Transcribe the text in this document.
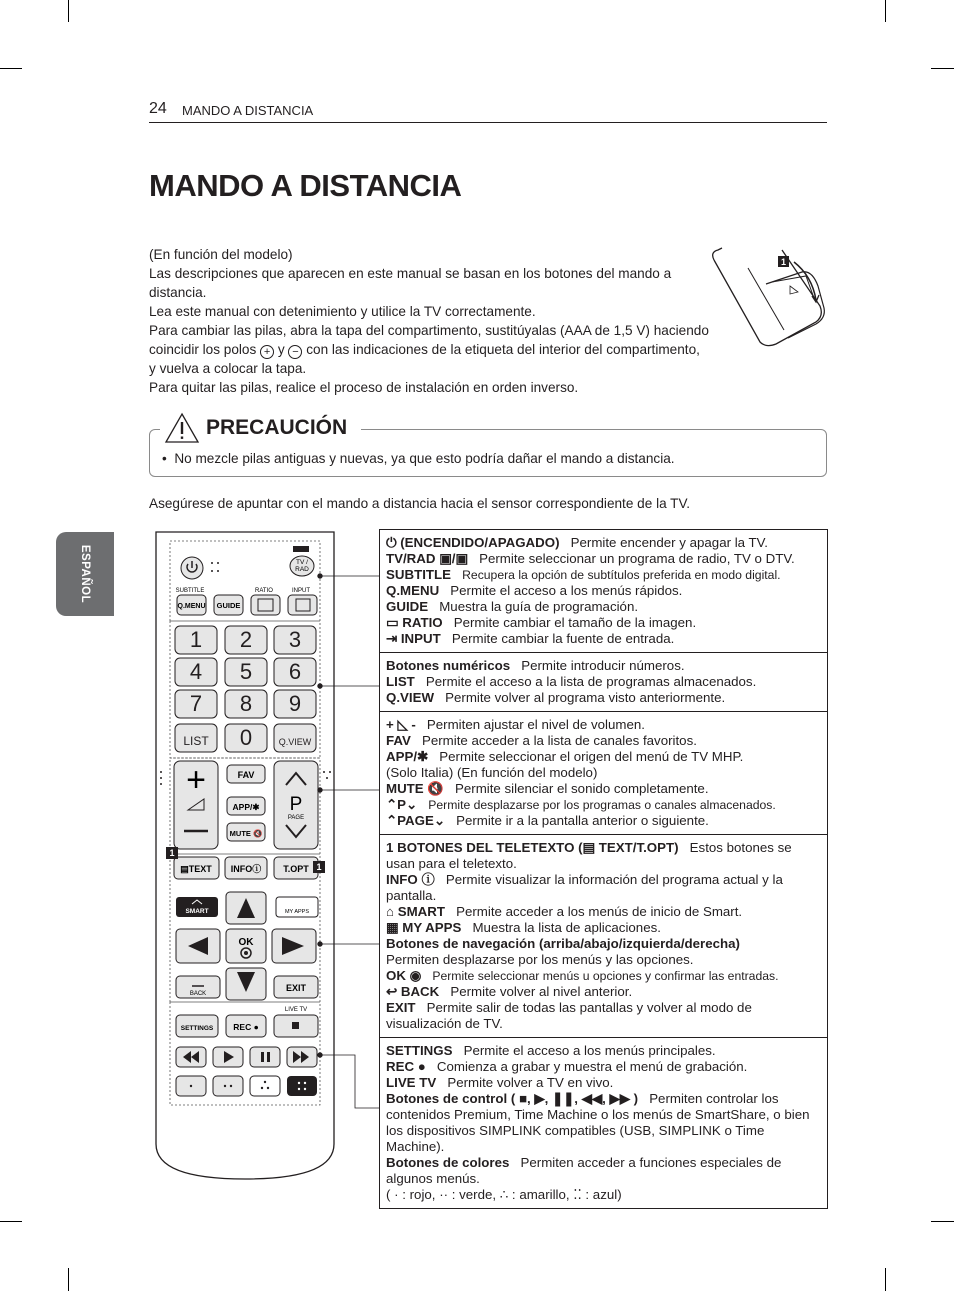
24 MANDO A DISTANCIA
MANDO A DISTANCIA

(En función del modelo)

Las descripciones que aparecen en este manual se basan en los botones del mando a distancia.

Lea este manual con detenimiento y utilice la TV correctamente.

Para cambiar las pilas, abra la tapa del compartimento, sustitúyalas (AAA de 1,5 V) haciendo coincidir los polos + y − con las indicaciones de la etiqueta del interior del compartimento, y vuelva a colocar la tapa.

Para quitar las pilas, realice el proceso de instalación en orden inverso.

1
PRECAUCIÓN
•  No mezcle pilas antiguas y nuevas, ya que esto podría dañar el mando a distancia.
Asegúrese de apuntar con el mando a distancia hacia el sensor correspondiente de la TV.
ESPAÑOL	TV /
RAD
SUBTITLE	RATIO	INPUT
Q.MENU GUIDE
1 2 3
4 5 6
7 8 9
LIST 0	Q.VIEW
+	FAV
APP/✱
MUTE 🔇
P
PAGE
▤TEXT INFOⓘ T.OPT
1
1
SMART	MY APPS
OK
BACK
EXIT
LIVE TV
SETTINGS REC ●
⏻ (ENCENDIDO/APAGADO) Permite encender y apagar la TV.
TV/RAD ▣/▣ Permite seleccionar un programa de radio, TV o DTV.
SUBTITLE Recupera la opción de subtítulos preferida en modo digital.
Q.MENU Permite el acceso a los menús rápidos.
GUIDE Muestra la guía de programación.
▭ RATIO Permite cambiar el tamaño de la imagen.
⇥ INPUT Permite cambiar la fuente de entrada.
Botones numéricos Permite introducir números.
LIST Permite el acceso a la lista de programas almacenados.
Q.VIEW Permite volver al programa visto anteriormente.
+ ◺ - Permiten ajustar el nivel de volumen.
FAV Permite acceder a la lista de canales favoritos.
APP/✱ Permite seleccionar el origen del menú de TV MHP.
(Solo Italia) (En función del modelo)
MUTE 🔇 Permite silenciar el sonido completamente.
⌃P⌄ Permite desplazarse por los programas o canales almacenados.
⌃PAGE⌄ Permite ir a la pantalla anterior o siguiente.
1 BOTONES DEL TELETEXTO (▤ TEXT/T.OPT) Estos botones se usan para el teletexto.
INFO ⓘ Permite visualizar la información del programa actual y la pantalla.
⌂ SMART Permite acceder a los menús de inicio de Smart.
▦ MY APPS Muestra la lista de aplicaciones.
Botones de navegación (arriba/abajo/izquierda/derecha)
Permiten desplazarse por los menús y las opciones.
OK ◉ Permite seleccionar menús u opciones y confirmar las entradas.
↩ BACK Permite volver al nivel anterior.
EXIT Permite salir de todas las pantallas y volver al modo de visualización de TV.
SETTINGS Permite el acceso a los menús principales.
REC ● Comienza a grabar y muestra el menú de grabación.
LIVE TV Permite volver a TV en vivo.
Botones de control ( ■, ▶, ❚❚, ◀◀, ▶▶ ) Permiten controlar los contenidos Premium, Time Machine o los menús de SmartShare, o bien los dispositivos SIMPLINK compatibles (USB, SIMPLINK o Time Machine).
Botones de colores Permiten acceder a funciones especiales de algunos menús.
( · : rojo, ·· : verde, ∴ : amarillo, ⁚⁚ : azul)
